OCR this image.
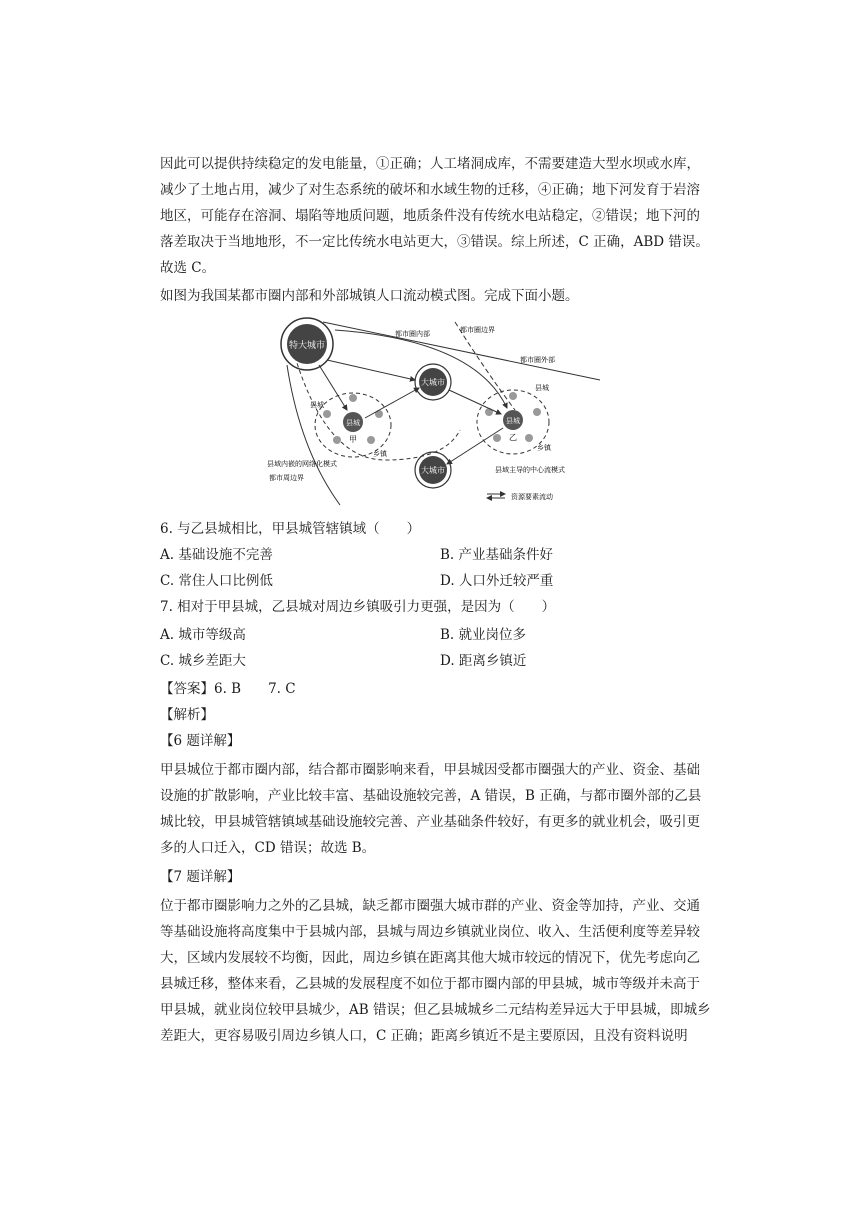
因此可以提供持续稳定的发电能量，①正确；人工堵洞成库，不需要建造大型水坝或水库，
减少了土地占用，减少了对生态系统的破坏和水域生物的迁移，④正确；地下河发育于岩溶
地区，可能存在溶洞、塌陷等地质问题，地质条件没有传统水电站稳定，②错误；地下河的
落差取决于当地地形，不一定比传统水电站更大，③错误。综上所述，C 正确，ABD 错误。
故选 C。
如图为我国某都市圈内部和外部城镇人口流动模式图。完成下面小题。
特大城市
大城市
大城市
县城
甲
县城
乡镇
县城
乙
县城
乡镇
都市圈内部	都市圈边界
都市圈外部
县域内嵌的网络化模式
都市周边界
县域主导的中心流模式
资源要素流动
6. 与乙县城相比，甲县城管辖镇域（　　）
A. 基础设施不完善	B. 产业基础条件好
C. 常住人口比例低	D. 人口外迁较严重
7. 相对于甲县城，乙县城对周边乡镇吸引力更强，是因为（　　）
A. 城市等级高	B. 就业岗位多
C. 城乡差距大	D. 距离乡镇近
【答案】6. B　　7. C
【解析】
【6 题详解】
甲县城位于都市圈内部，结合都市圈影响来看，甲县城因受都市圈强大的产业、资金、基础设施的扩散影响，产业比较丰富、基础设施较完善，A 错误，B 正确，与都市圈外部的乙县城比较，甲县城管辖镇域基础设施较完善、产业基础条件较好，有更多的就业机会，吸引更多的人口迁入，CD 错误；故选 B。
【7 题详解】
位于都市圈影响力之外的乙县城，缺乏都市圈强大城市群的产业、资金等加持，产业、交通等基础设施将高度集中于县城内部，县城与周边乡镇就业岗位、收入、生活便利度等差异较大，区域内发展较不均衡，因此，周边乡镇在距离其他大城市较远的情况下，优先考虑向乙县城迁移，整体来看，乙县城的发展程度不如位于都市圈内部的甲县城，城市等级并未高于甲县城，就业岗位较甲县城少，AB 错误；但乙县城城乡二元结构差异远大于甲县城，即城乡差距大，更容易吸引周边乡镇人口，C 正确；距离乡镇近不是主要原因，且没有资料说明
